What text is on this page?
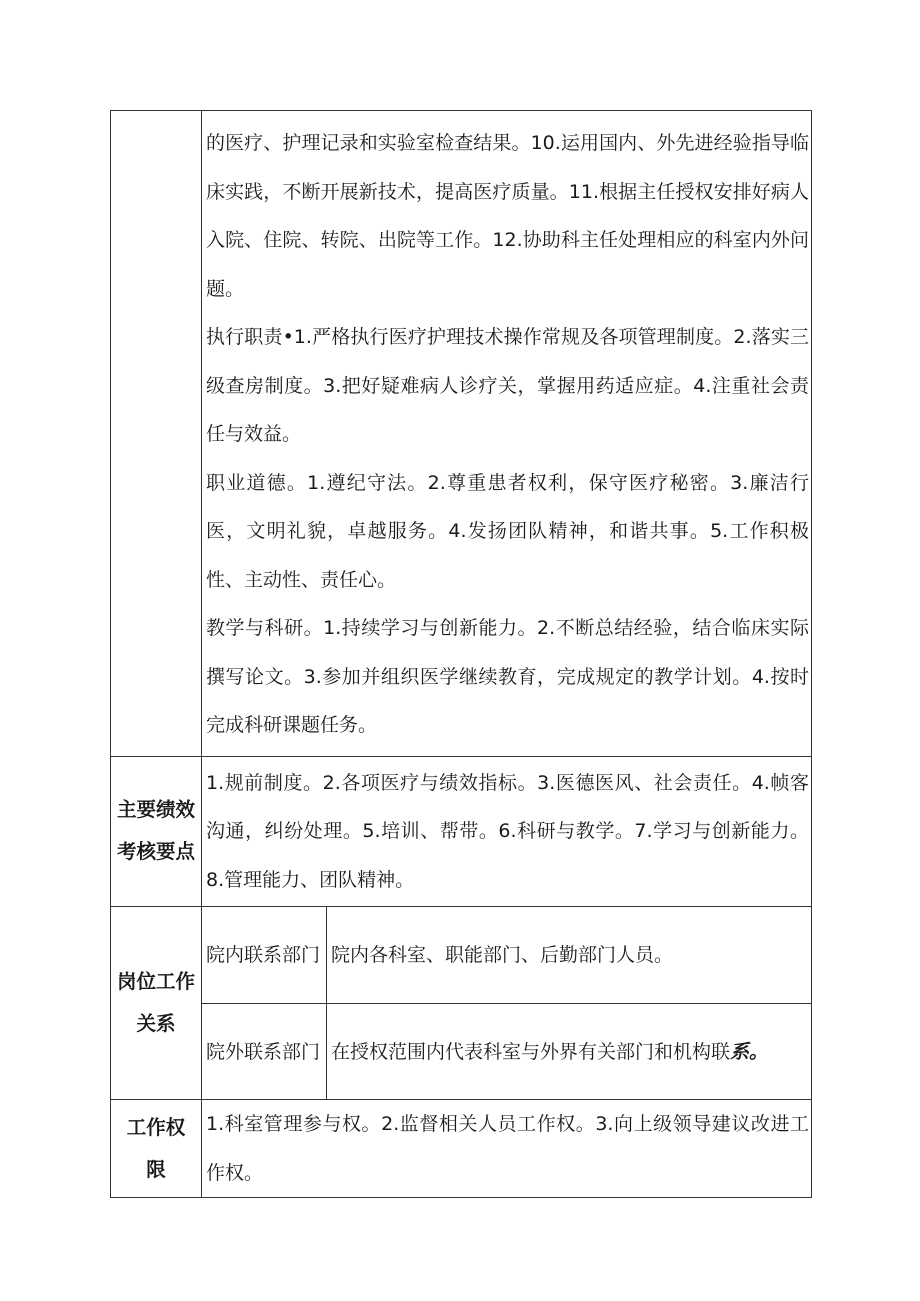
	的医疗、护理记录和实验室检查结果。10.运用国内、外先进经验指导临床实践，不断开展新技术，提高医疗质量。11.根据主任授权安排好病人入院、住院、转院、出院等工作。12.协助科主任处理相应的科室内外问题。

执行职责•1.严格执行医疗护理技术操作常规及各项管理制度。2.落实三级查房制度。3.把好疑难病人诊疗关，掌握用药适应症。4.注重社会责任与效益。

职业道德。1.遵纪守法。2.尊重患者权利，保守医疗秘密。3.廉洁行医，文明礼貌，卓越服务。4.发扬团队精神，和谐共事。5.工作积极性、主动性、责任心。

教学与科研。1.持续学习与创新能力。2.不断总结经验，结合临床实际撰写论文。3.参加并组织医学继续教育，完成规定的教学计划。4.按时完成科研课题任务。	

主要绩效考核要点	1.规前制度。2.各项医疗与绩效指标。3.医德医风、社会责任。4.帧客沟通，纠纷处理。5.培训、帮带。6.科研与教学。7.学习与创新能力。8.管理能力、团队精神。	

岗位工作关系	院内联系部门	院内各科室、职能部门、后勤部门人员。
	院外联系部门	在授权范围内代表科室与外界有关部门和机构联系。
工作权限	1.科室管理参与权。2.监督相关人员工作权。3.向上级领导建议改进工作权。	
